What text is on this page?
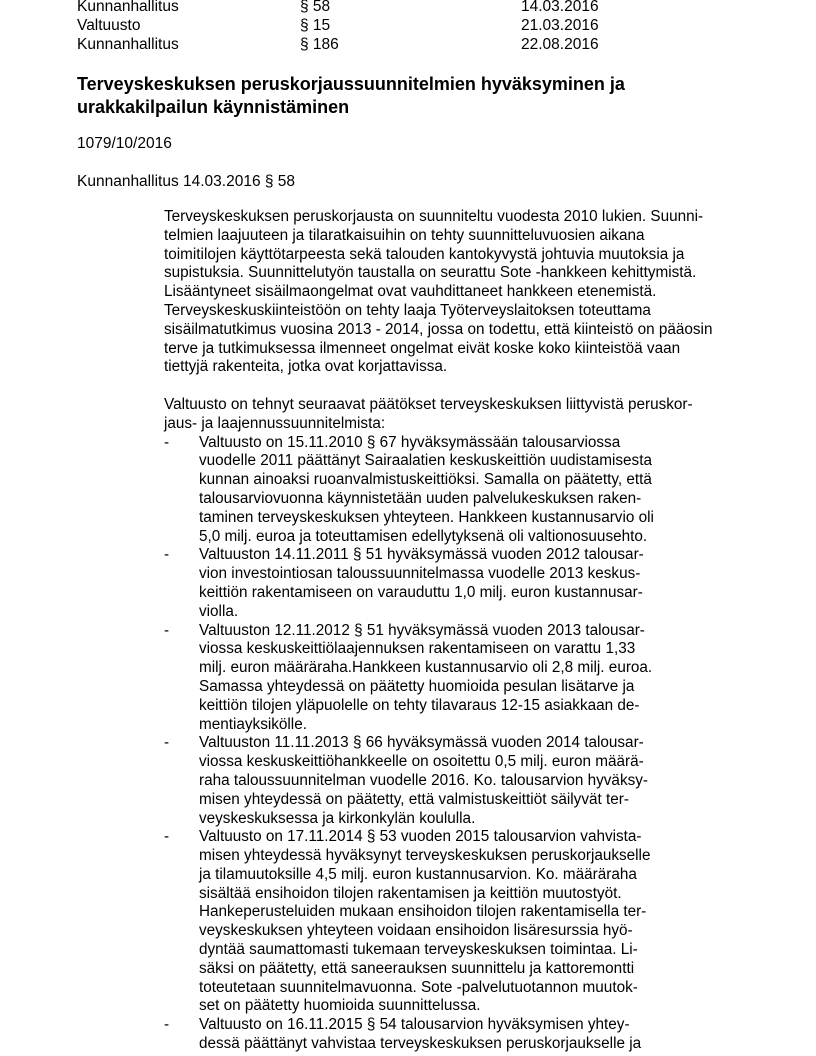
Kunnanhallitus	§ 58	14.03.2016
Valtuusto	§ 15	21.03.2016
Kunnanhallitus	§ 186	22.08.2016
Terveyskeskuksen peruskorjaussuunnitelmien hyväksyminen ja
urakkakilpailun käynnistäminen
1079/10/2016
Kunnanhallitus 14.03.2016 § 58
Terveyskeskuksen peruskorjausta on suunniteltu vuodesta 2010 lukien. Suunni-
telmien laajuuteen ja tilaratkaisuihin on tehty suunnitteluvuosien aikana
toimitilojen käyttötarpeesta sekä talouden kantokyvystä johtuvia muutoksia ja
supistuksia. Suunnittelutyön taustalla on seurattu Sote -hankkeen kehittymistä.
Lisääntyneet sisäilmaongelmat ovat vauhdittaneet hankkeen etenemistä.
Terveyskeskuskiinteistöön on tehty laaja Työterveyslaitoksen toteuttama
sisäilmatutkimus vuosina 2013 - 2014, jossa on todettu, että kiinteistö on pääosin
terve ja tutkimuksessa ilmenneet ongelmat eivät koske koko kiinteistöä vaan
tiettyjä rakenteita, jotka ovat korjattavissa.
Valtuusto on tehnyt seuraavat päätökset terveyskeskuksen liittyvistä peruskor-
jaus- ja laajennussuunnitelmista:
-	Valtuusto on 15.11.2010 § 67 hyväksymässään talousarviossa
vuodelle 2011 päättänyt Sairaalatien keskuskeittiön uudistamisesta
kunnan ainoaksi ruoanvalmistuskeittiöksi. Samalla on päätetty, että
talousarviovuonna käynnistetään uuden palvelukeskuksen raken-
taminen terveyskeskuksen yhteyteen. Hankkeen kustannusarvio oli
5,0 milj. euroa ja toteuttamisen edellytyksenä oli valtionosuusehto.
-	Valtuuston 14.11.2011 § 51 hyväksymässä vuoden 2012 talousar-
vion investointiosan taloussuunnitelmassa vuodelle 2013 keskus-
keittiön rakentamiseen on varauduttu 1,0 milj. euron kustannusar-
violla.
-	Valtuuston 12.11.2012 § 51 hyväksymässä vuoden 2013 talousar-
viossa keskuskeittiölaajennuksen rakentamiseen on varattu 1,33
milj. euron määräraha.Hankkeen kustannusarvio oli 2,8 milj. euroa.
Samassa yhteydessä on päätetty huomioida pesulan lisätarve ja
keittiön tilojen yläpuolelle on tehty tilavaraus 12-15 asiakkaan de-
mentiayksikölle.
-	Valtuuston 11.11.2013 § 66 hyväksymässä vuoden 2014 talousar-
viossa keskuskeittiöhankkeelle on osoitettu 0,5 milj. euron määrä-
raha taloussuunnitelman vuodelle 2016. Ko. talousarvion hyväksy-
misen yhteydessä on päätetty, että valmistuskeittiöt säilyvät ter-
veyskeskuksessa ja kirkonkylän koululla.
-	Valtuusto on 17.11.2014 § 53 vuoden 2015 talousarvion vahvista-
misen yhteydessä hyväksynyt terveyskeskuksen peruskorjaukselle
ja tilamuutoksille 4,5 milj. euron kustannusarvion. Ko. määräraha
sisältää ensihoidon tilojen rakentamisen ja keittiön muutostyöt.
Hankeperusteluiden mukaan ensihoidon tilojen rakentamisella ter-
veyskeskuksen yhteyteen voidaan ensihoidon lisäresurssia hyö-
dyntää saumattomasti tukemaan terveyskeskuksen toimintaa. Li-
säksi on päätetty, että saneerauksen suunnittelu ja kattoremontti
toteutetaan suunnitelmavuonna. Sote -palvelutuotannon muutok-
set on päätetty huomioida suunnittelussa.
-	Valtuusto on 16.11.2015 § 54 talousarvion hyväksymisen yhtey-
dessä päättänyt vahvistaa terveyskeskuksen peruskorjaukselle ja
